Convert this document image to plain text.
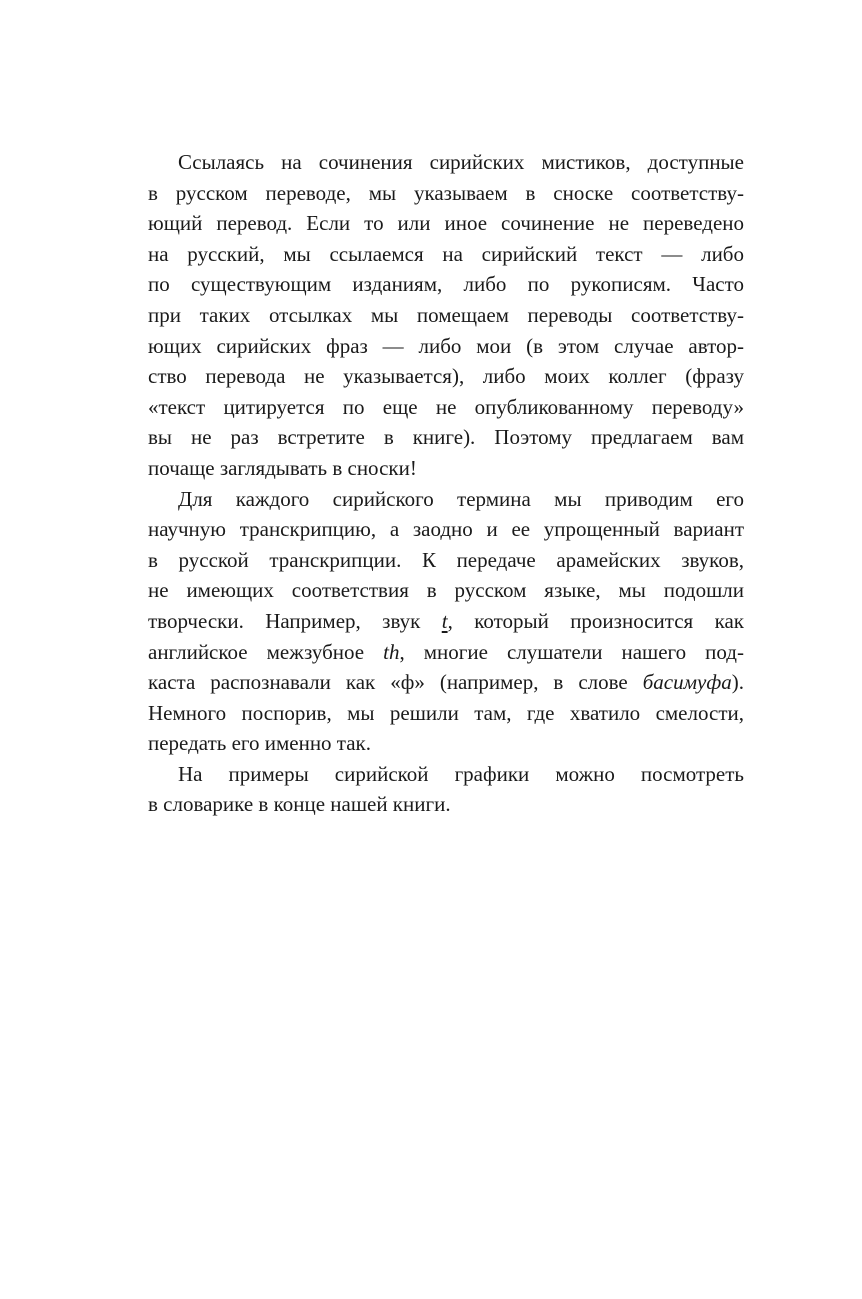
Ссылаясь на сочинения сирийских мистиков, доступные
в русском переводе, мы указываем в сноске соответству-
ющий перевод. Если то или иное сочинение не переведено
на русский, мы ссылаемся на сирийский текст — либо
по существующим изданиям, либо по рукописям. Часто
при таких отсылках мы помещаем переводы соответству-
ющих сирийских фраз — либо мои (в этом случае автор-
ство перевода не указывается), либо моих коллег (фразу
«текст цитируется по еще не опубликованному переводу»
вы не раз встретите в книге). Поэтому предлагаем вам
почаще заглядывать в сноски!
Для каждого сирийского термина мы приводим его
научную транскрипцию, а заодно и ее упрощенный вариант
в русской транскрипции. К передаче арамейских звуков,
не имеющих соответствия в русском языке, мы подошли
творчески. Например, звук t, который произносится как
английское межзубное th, многие слушатели нашего под-
каста распознавали как «ф» (например, в слове басимуфа).
Немного поспорив, мы решили там, где хватило смелости,
передать его именно так.
На примеры сирийской графики можно посмотреть
в словарике в конце нашей книги.
